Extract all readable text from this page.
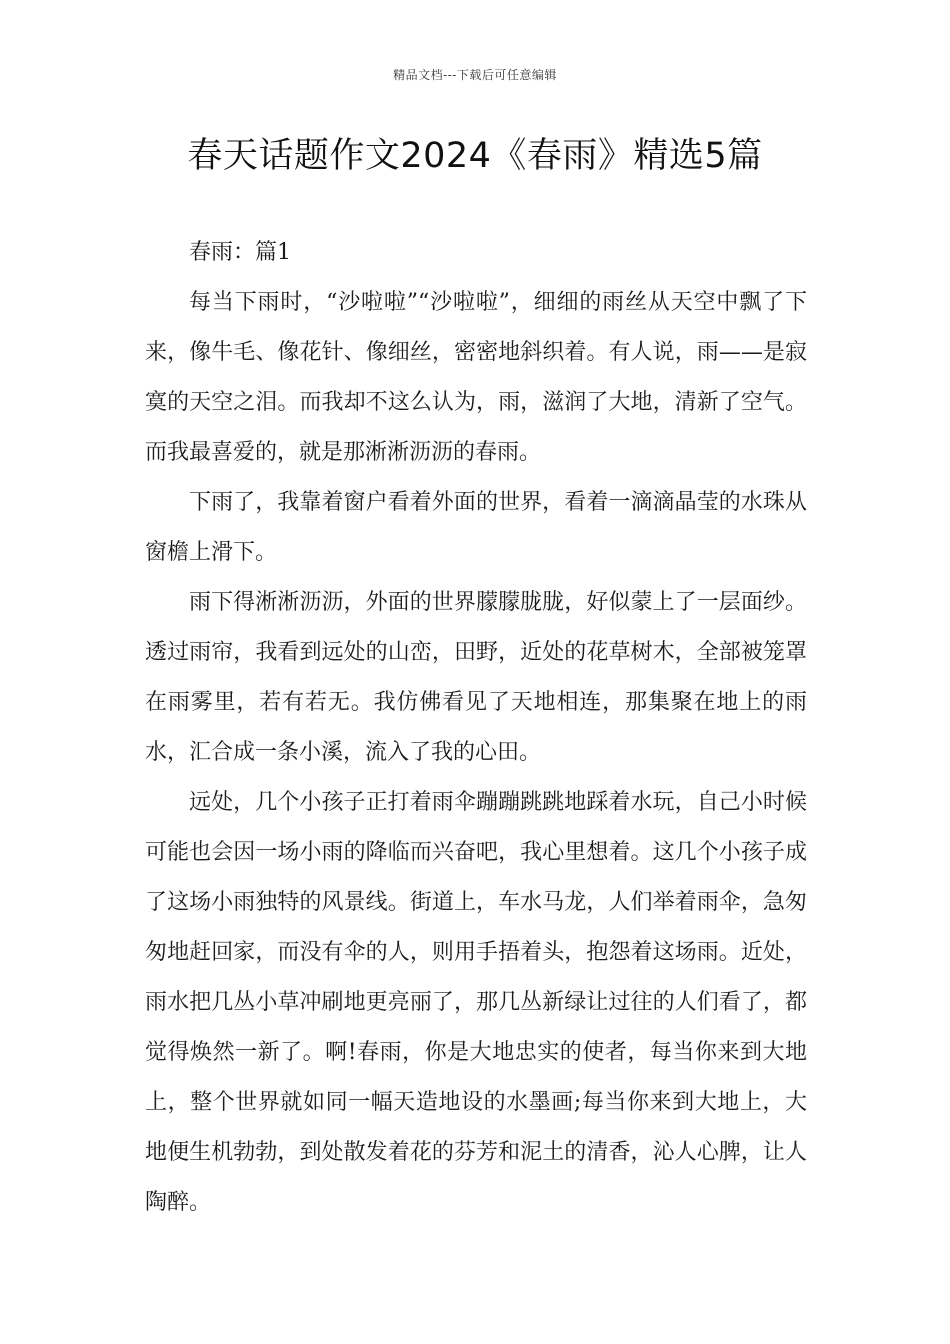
精品文档---下载后可任意编辑
春天话题作文2024《春雨》精选5篇

春雨：篇1

每当下雨时，“沙啦啦”“沙啦啦”，细细的雨丝从天空中飘了下来，像牛毛、像花针、像细丝，密密地斜织着。有人说，雨——是寂寞的天空之泪。而我却不这么认为，雨，滋润了大地，清新了空气。而我最喜爱的，就是那淅淅沥沥的春雨。

下雨了，我靠着窗户看着外面的世界，看着一滴滴晶莹的水珠从窗檐上滑下。

雨下得淅淅沥沥，外面的世界朦朦胧胧，好似蒙上了一层面纱。透过雨帘，我看到远处的山峦，田野，近处的花草树木，全部被笼罩在雨雾里，若有若无。我仿佛看见了天地相连，那集聚在地上的雨水，汇合成一条小溪，流入了我的心田。

远处，几个小孩子正打着雨伞蹦蹦跳跳地踩着水玩，自己小时候可能也会因一场小雨的降临而兴奋吧，我心里想着。这几个小孩子成了这场小雨独特的风景线。街道上，车水马龙，人们举着雨伞，急匆匆地赶回家，而没有伞的人，则用手捂着头，抱怨着这场雨。近处，雨水把几丛小草冲刷地更亮丽了，那几丛新绿让过往的人们看了，都觉得焕然一新了。啊!春雨，你是大地忠实的使者，每当你来到大地上，整个世界就如同一幅天造地设的水墨画;每当你来到大地上，大地便生机勃勃，到处散发着花的芬芳和泥土的清香，沁人心脾，让人陶醉。
